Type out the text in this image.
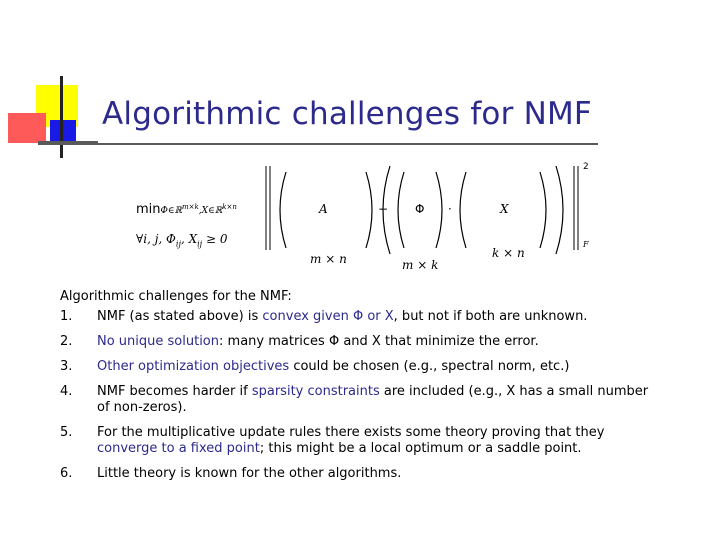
Algorithmic challenges for NMF
minΦ∈ℝ$^{m\times k}$,X∈ℝ$^{k\times n}$
∀i, j, $\Phi_{ij}$, $X_{ij} \ge 0$
A	− Φ ·	X
m × n	m × k
k × n
2
F
Algorithmic challenges for the NMF:
1. NMF (as stated above) is convex given Φ or X, but not if both are unknown.
2. No unique solution: many matrices Φ and X that minimize the error.
3. Other optimization objectives could be chosen (e.g., spectral norm, etc.)
4. NMF becomes harder if sparsity constraints are included (e.g., X has a small number of non-zeros).
5. For the multiplicative update rules there exists some theory proving that they converge to a fixed point; this might be a local optimum or a saddle point.
6. Little theory is known for the other algorithms.
